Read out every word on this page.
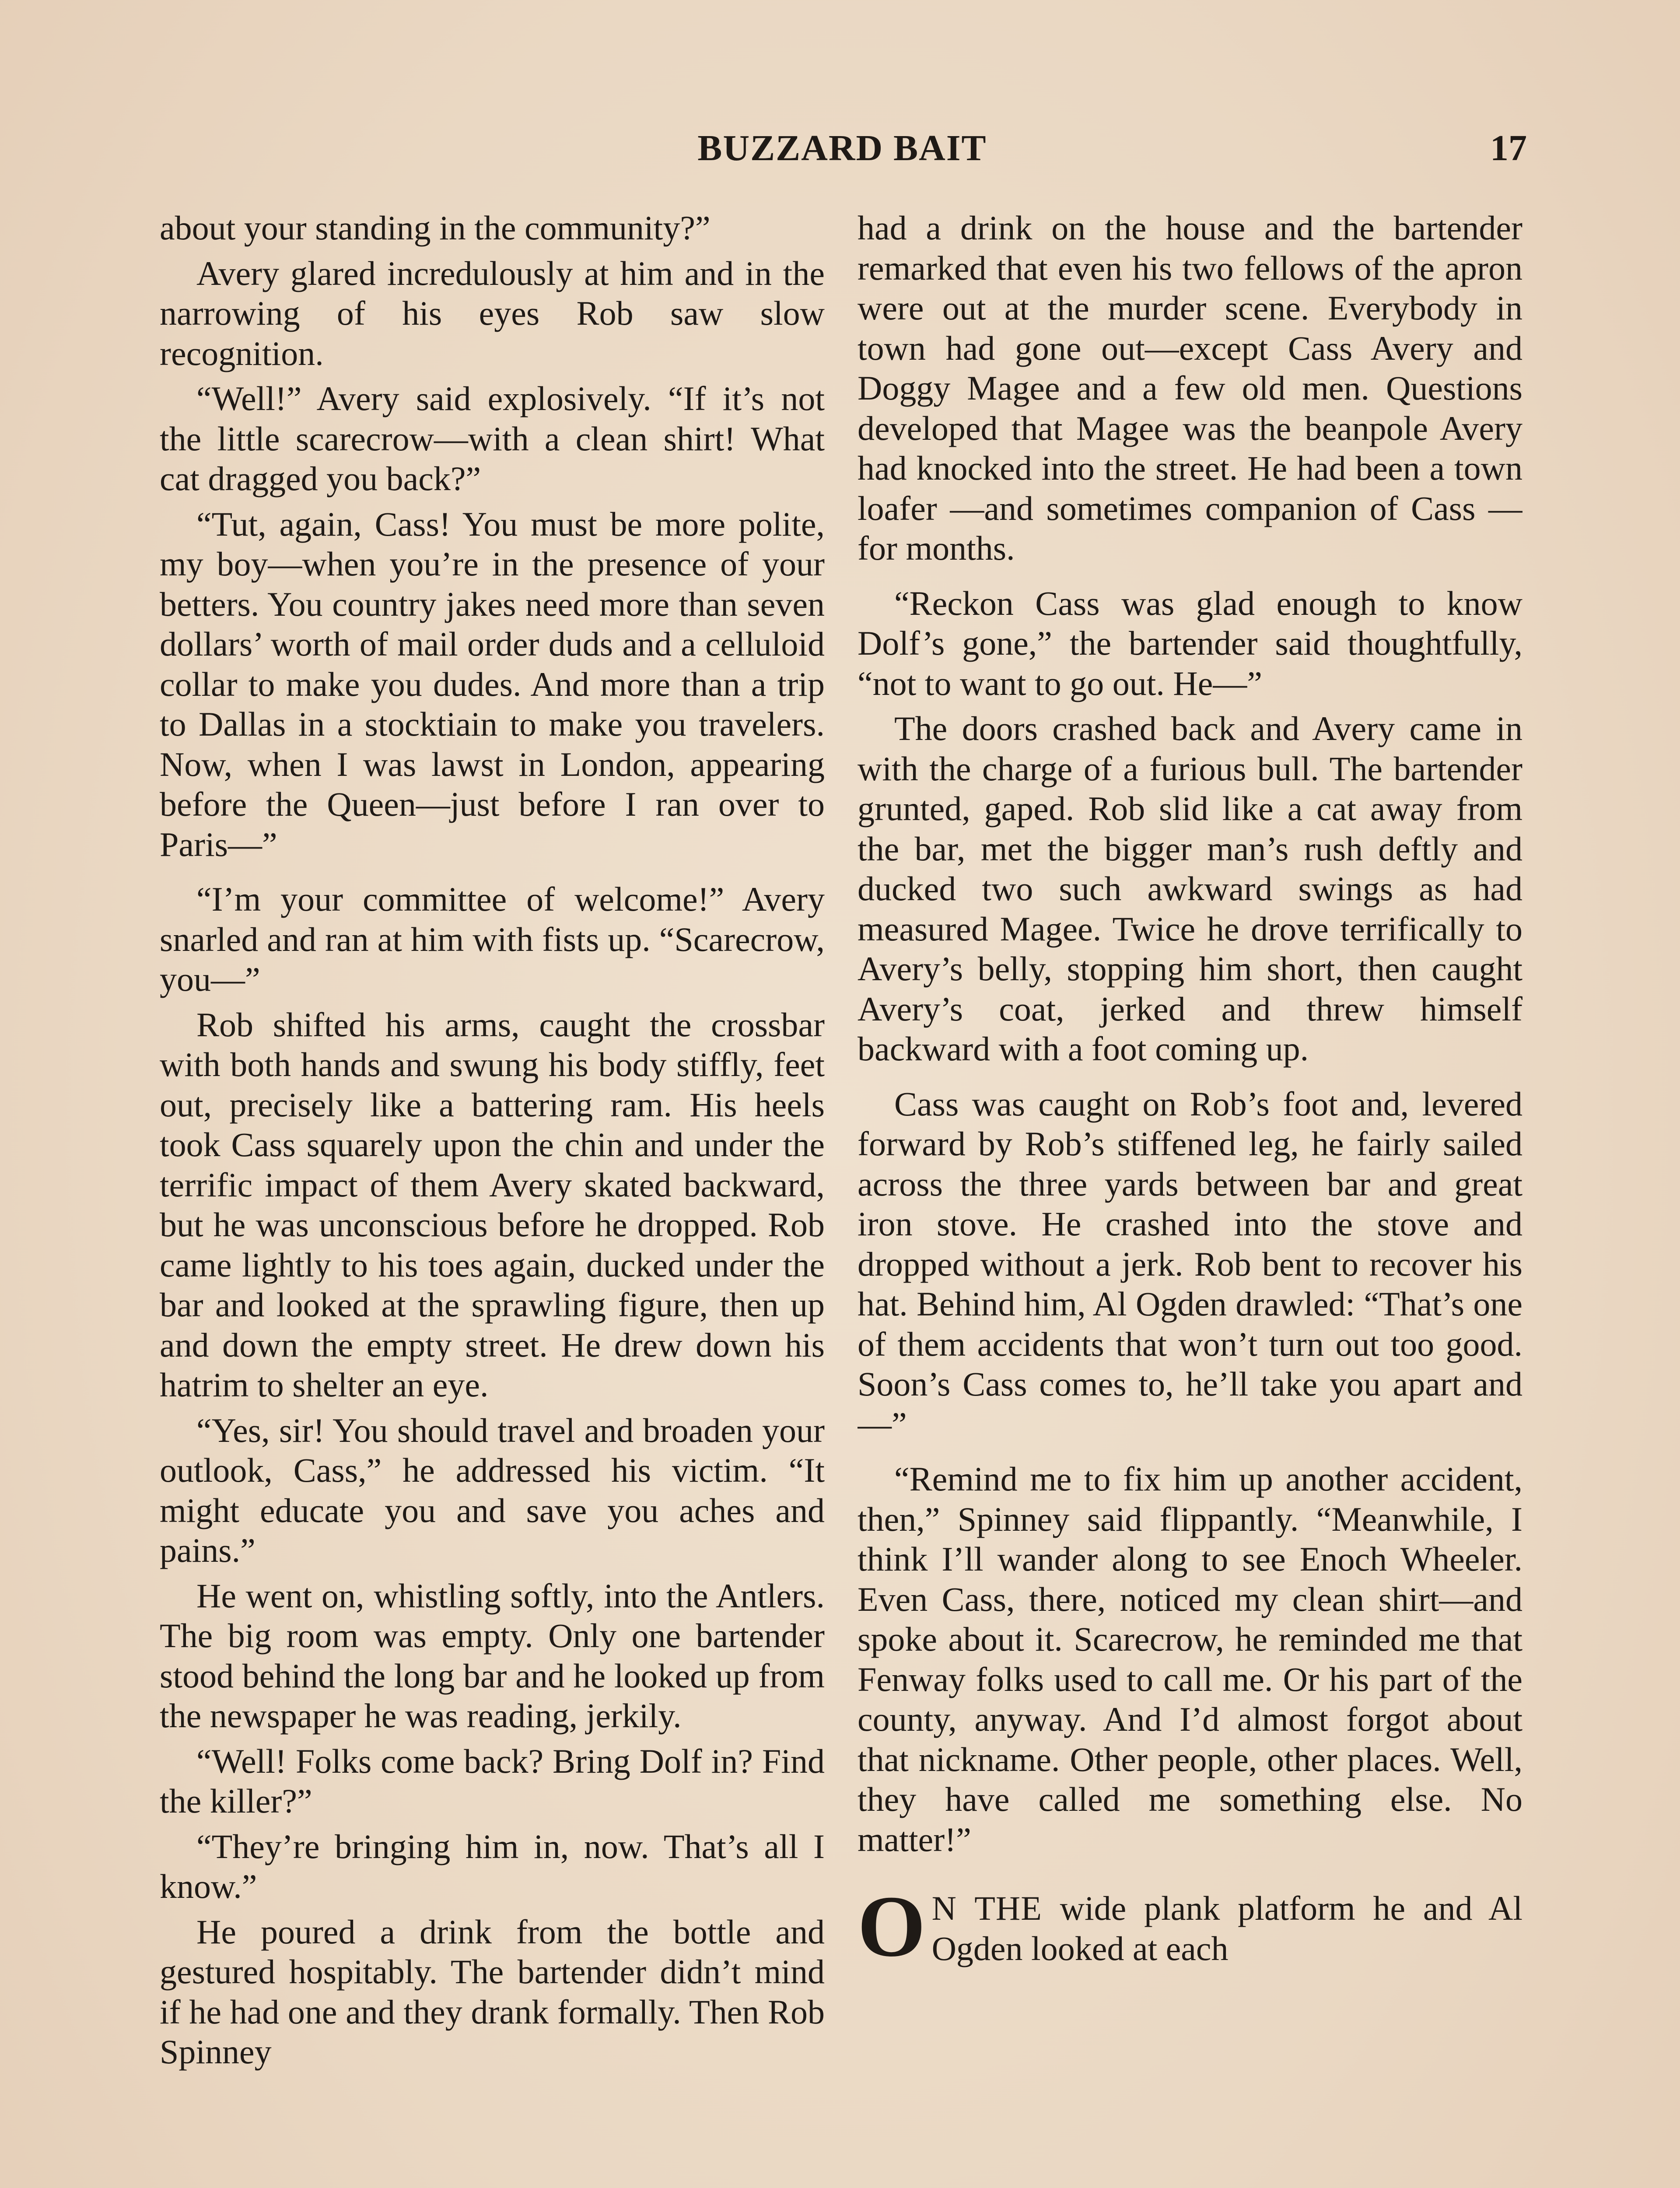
BUZZARD BAIT	17

about your standing in the community?”

Avery glared incredulously at him and in the narrowing of his eyes Rob saw slow recognition.

“Well!” Avery said explosively. “If it’s not the little scarecrow—with a clean shirt! What cat dragged you back?”

“Tut, again, Cass! You must be more polite, my boy—when you’re in the presence of your betters. You country jakes need more than seven dollars’ worth of mail order duds and a celluloid collar to make you dudes. And more than a trip to Dallas in a stocktiain to make you travelers. Now, when I was lawst in London, appearing before the Queen—just before I ran over to Paris—”

“I’m your committee of welcome!” Avery snarled and ran at him with fists up. “Scarecrow, you—”

Rob shifted his arms, caught the crossbar with both hands and swung his body stiffly, feet out, precisely like a battering ram. His heels took Cass squarely upon the chin and under the terrific impact of them Avery skated backward, but he was unconscious before he dropped. Rob came lightly to his toes again, ducked under the bar and looked at the sprawling figure, then up and down the empty street. He drew down his hatrim to shelter an eye.

“Yes, sir! You should travel and broaden your outlook, Cass,” he addressed his victim. “It might educate you and save you aches and pains.”

He went on, whistling softly, into the Antlers. The big room was empty. Only one bartender stood behind the long bar and he looked up from the newspaper he was reading, jerkily.

“Well! Folks come back? Bring Dolf in? Find the killer?”

“They’re bringing him in, now. That’s all I know.”

He poured a drink from the bottle and gestured hospitably. The bartender didn’t mind if he had one and they drank formally. Then Rob Spinney

had a drink on the house and the bartender remarked that even his two fellows of the apron were out at the murder scene. Everybody in town had gone out—except Cass Avery and Doggy Magee and a few old men. Questions developed that Magee was the beanpole Avery had knocked into the street. He had been a town loafer —and sometimes companion of Cass —for months.

“Reckon Cass was glad enough to know Dolf’s gone,” the bartender said thoughtfully, “not to want to go out. He—”

The doors crashed back and Avery came in with the charge of a furious bull. The bartender grunted, gaped. Rob slid like a cat away from the bar, met the bigger man’s rush deftly and ducked two such awkward swings as had measured Magee. Twice he drove terrifically to Avery’s belly, stopping him short, then caught Avery’s coat, jerked and threw himself backward with a foot coming up.

Cass was caught on Rob’s foot and, levered forward by Rob’s stiffened leg, he fairly sailed across the three yards between bar and great iron stove. He crashed into the stove and dropped without a jerk. Rob bent to recover his hat. Behind him, Al Ogden drawled: “That’s one of them accidents that won’t turn out too good. Soon’s Cass comes to, he’ll take you apart and—”

“Remind me to fix him up another accident, then,” Spinney said flippantly. “Meanwhile, I think I’ll wander along to see Enoch Wheeler. Even Cass, there, noticed my clean shirt—and spoke about it. Scarecrow, he reminded me that Fenway folks used to call me. Or his part of the county, anyway. And I’d almost forgot about that nickname. Other people, other places. Well, they have called me something else. No matter!”

O N THE wide plank platform he and Al Ogden looked at each
